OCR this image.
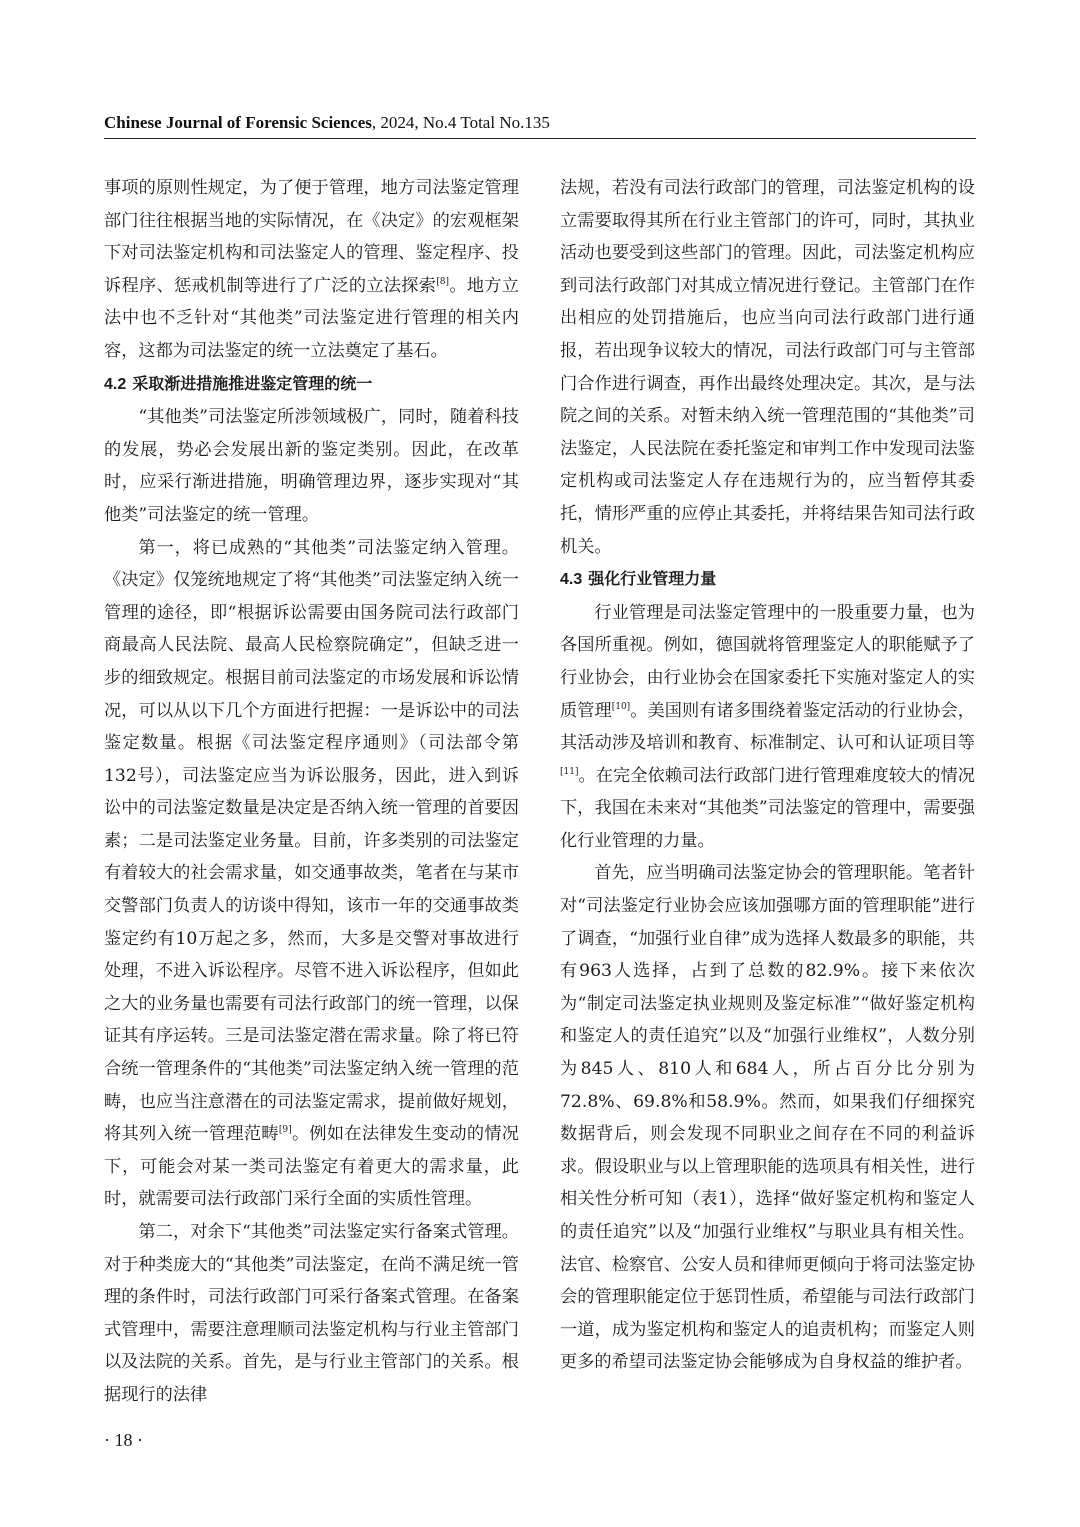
Chinese Journal of Forensic Sciences, 2024, No.4 Total No.135

事项的原则性规定，为了便于管理，地方司法鉴定管理部门往往根据当地的实际情况，在《决定》的宏观框架下对司法鉴定机构和司法鉴定人的管理、鉴定程序、投诉程序、惩戒机制等进行了广泛的立法探索[8]。地方立法中也不乏针对“其他类”司法鉴定进行管理的相关内容，这都为司法鉴定的统一立法奠定了基石。

4.2 采取渐进措施推进鉴定管理的统一

“其他类”司法鉴定所涉领域极广，同时，随着科技的发展，势必会发展出新的鉴定类别。因此，在改革时，应采行渐进措施，明确管理边界，逐步实现对“其他类”司法鉴定的统一管理。

第一，将已成熟的“其他类”司法鉴定纳入管理。《决定》仅笼统地规定了将“其他类”司法鉴定纳入统一管理的途径，即“根据诉讼需要由国务院司法行政部门商最高人民法院、最高人民检察院确定”，但缺乏进一步的细致规定。根据目前司法鉴定的市场发展和诉讼情况，可以从以下几个方面进行把握：一是诉讼中的司法鉴定数量。根据《司法鉴定程序通则》（司法部令第132号），司法鉴定应当为诉讼服务，因此，进入到诉讼中的司法鉴定数量是决定是否纳入统一管理的首要因素；二是司法鉴定业务量。目前，许多类别的司法鉴定有着较大的社会需求量，如交通事故类，笔者在与某市交警部门负责人的访谈中得知，该市一年的交通事故类鉴定约有10万起之多，然而，大多是交警对事故进行处理，不进入诉讼程序。尽管不进入诉讼程序，但如此之大的业务量也需要有司法行政部门的统一管理，以保证其有序运转。三是司法鉴定潜在需求量。除了将已符合统一管理条件的“其他类”司法鉴定纳入统一管理的范畴，也应当注意潜在的司法鉴定需求，提前做好规划，将其列入统一管理范畴[9]。例如在法律发生变动的情况下，可能会对某一类司法鉴定有着更大的需求量，此时，就需要司法行政部门采行全面的实质性管理。

第二，对余下“其他类”司法鉴定实行备案式管理。对于种类庞大的“其他类”司法鉴定，在尚不满足统一管理的条件时，司法行政部门可采行备案式管理。在备案式管理中，需要注意理顺司法鉴定机构与行业主管部门以及法院的关系。首先，是与行业主管部门的关系。根据现行的法律

法规，若没有司法行政部门的管理，司法鉴定机构的设立需要取得其所在行业主管部门的许可，同时，其执业活动也要受到这些部门的管理。因此，司法鉴定机构应到司法行政部门对其成立情况进行登记。主管部门在作出相应的处罚措施后，也应当向司法行政部门进行通报，若出现争议较大的情况，司法行政部门可与主管部门合作进行调查，再作出最终处理决定。其次，是与法院之间的关系。对暂未纳入统一管理范围的“其他类”司法鉴定，人民法院在委托鉴定和审判工作中发现司法鉴定机构或司法鉴定人存在违规行为的，应当暂停其委托，情形严重的应停止其委托，并将结果告知司法行政机关。

4.3 强化行业管理力量

行业管理是司法鉴定管理中的一股重要力量，也为各国所重视。例如，德国就将管理鉴定人的职能赋予了行业协会，由行业协会在国家委托下实施对鉴定人的实质管理[10]。美国则有诸多围绕着鉴定活动的行业协会，其活动涉及培训和教育、标准制定、认可和认证项目等[11]。在完全依赖司法行政部门进行管理难度较大的情况下，我国在未来对“其他类”司法鉴定的管理中，需要强化行业管理的力量。

首先，应当明确司法鉴定协会的管理职能。笔者针对“司法鉴定行业协会应该加强哪方面的管理职能”进行了调查，“加强行业自律”成为选择人数最多的职能，共有963人选择，占到了总数的82.9%。接下来依次为“制定司法鉴定执业规则及鉴定标准”“做好鉴定机构和鉴定人的责任追究”以及“加强行业维权”，人数分别为845人、810人和684人，所占百分比分别为72.8%、69.8%和58.9%。然而，如果我们仔细探究数据背后，则会发现不同职业之间存在不同的利益诉求。假设职业与以上管理职能的选项具有相关性，进行相关性分析可知（表1），选择“做好鉴定机构和鉴定人的责任追究”以及“加强行业维权”与职业具有相关性。法官、检察官、公安人员和律师更倾向于将司法鉴定协会的管理职能定位于惩罚性质，希望能与司法行政部门一道，成为鉴定机构和鉴定人的追责机构；而鉴定人则更多的希望司法鉴定协会能够成为自身权益的维护者。

· 18 ·
